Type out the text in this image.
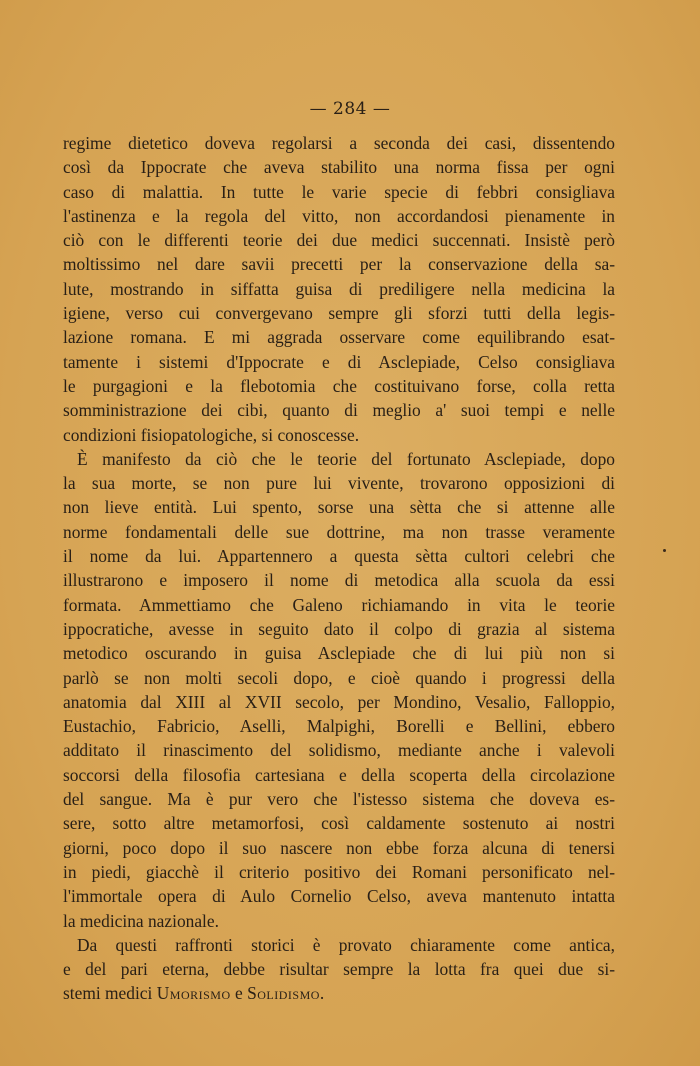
— 284 —
regime dietetico doveva regolarsi a seconda dei casi, dissentendo
così da Ippocrate che aveva stabilito una norma fissa per ogni
caso di malattia. In tutte le varie specie di febbri consigliava
l'astinenza e la regola del vitto, non accordandosi pienamente in
ciò con le differenti teorie dei due medici succennati. Insistè però
moltissimo nel dare savii precetti per la conservazione della sa-
lute, mostrando in siffatta guisa di prediligere nella medicina la
igiene, verso cui convergevano sempre gli sforzi tutti della legis-
lazione romana. E mi aggrada osservare come equilibrando esat-
tamente i sistemi d'Ippocrate e di Asclepiade, Celso consigliava
le purgagioni e la flebotomia che costituivano forse, colla retta
somministrazione dei cibi, quanto di meglio a' suoi tempi e nelle
condizioni fisiopatologiche, si conoscesse.
È manifesto da ciò che le teorie del fortunato Asclepiade, dopo
la sua morte, se non pure lui vivente, trovarono opposizioni di
non lieve entità. Lui spento, sorse una sètta che si attenne alle
norme fondamentali delle sue dottrine, ma non trasse veramente
il nome da lui. Appartennero a questa sètta cultori celebri che
illustrarono e imposero il nome di metodica alla scuola da essi
formata. Ammettiamo che Galeno richiamando in vita le teorie
ippocratiche, avesse in seguito dato il colpo di grazia al sistema
metodico oscurando in guisa Asclepiade che di lui più non si
parlò se non molti secoli dopo, e cioè quando i progressi della
anatomia dal XIII al XVII secolo, per Mondino, Vesalio, Falloppio,
Eustachio, Fabricio, Aselli, Malpighi, Borelli e Bellini, ebbero
additato il rinascimento del solidismo, mediante anche i valevoli
soccorsi della filosofia cartesiana e della scoperta della circolazione
del sangue. Ma è pur vero che l'istesso sistema che doveva es-
sere, sotto altre metamorfosi, così caldamente sostenuto ai nostri
giorni, poco dopo il suo nascere non ebbe forza alcuna di tenersi
in piedi, giacchè il criterio positivo dei Romani personificato nel-
l'immortale opera di Aulo Cornelio Celso, aveva mantenuto intatta
la medicina nazionale.
Da questi raffronti storici è provato chiaramente come antica,
e del pari eterna, debbe risultar sempre la lotta fra quei due si-
stemi medici Umorismo e Solidismo.
